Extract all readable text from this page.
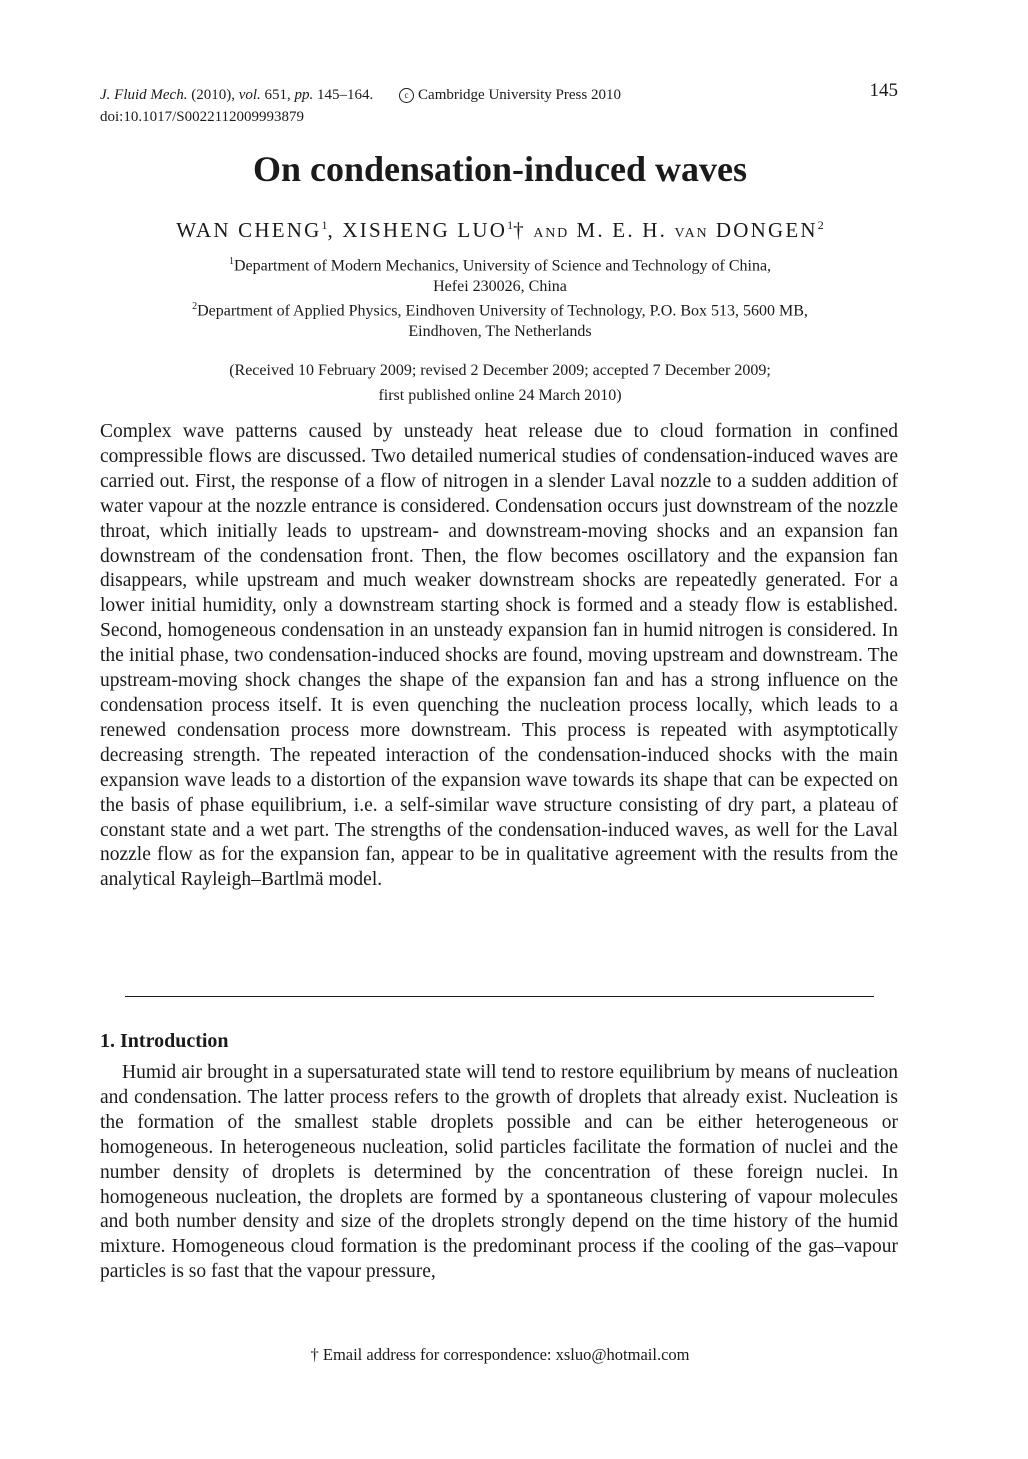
J. Fluid Mech. (2010), vol. 651, pp. 145–164.	c Cambridge University Press 2010
doi:10.1017/S0022112009993879
145
On condensation-induced waves
WAN CHENG$^1$, XISHENG LUO$^1$† AND M. E. H. VAN DONGEN$^2$
$^1$Department of Modern Mechanics, University of Science and Technology of China,
Hefei 230026, China
$^2$Department of Applied Physics, Eindhoven University of Technology, P.O. Box 513, 5600 MB,
Eindhoven, The Netherlands
(Received 10 February 2009; revised 2 December 2009; accepted 7 December 2009;
first published online 24 March 2010)
Complex wave patterns caused by unsteady heat release due to cloud formation in confined compressible flows are discussed. Two detailed numerical studies of condensation-induced waves are carried out. First, the response of a flow of nitrogen in a slender Laval nozzle to a sudden addition of water vapour at the nozzle entrance is considered. Condensation occurs just downstream of the nozzle throat, which initially leads to upstream- and downstream-moving shocks and an expansion fan downstream of the condensation front. Then, the flow becomes oscillatory and the expansion fan disappears, while upstream and much weaker downstream shocks are repeatedly generated. For a lower initial humidity, only a downstream starting shock is formed and a steady flow is established. Second, homogeneous condensation in an unsteady expansion fan in humid nitrogen is considered. In the initial phase, two condensation-induced shocks are found, moving upstream and downstream. The upstream-moving shock changes the shape of the expansion fan and has a strong influence on the condensation process itself. It is even quenching the nucleation process locally, which leads to a renewed condensation process more downstream. This process is repeated with asymptotically decreasing strength. The repeated interaction of the condensation-induced shocks with the main expansion wave leads to a distortion of the expansion wave towards its shape that can be expected on the basis of phase equilibrium, i.e. a self-similar wave structure consisting of dry part, a plateau of constant state and a wet part. The strengths of the condensation-induced waves, as well for the Laval nozzle flow as for the expansion fan, appear to be in qualitative agreement with the results from the analytical Rayleigh–Bartlmä model.
1. Introduction
Humid air brought in a supersaturated state will tend to restore equilibrium by means of nucleation and condensation. The latter process refers to the growth of droplets that already exist. Nucleation is the formation of the smallest stable droplets possible and can be either heterogeneous or homogeneous. In heterogeneous nucleation, solid particles facilitate the formation of nuclei and the number density of droplets is determined by the concentration of these foreign nuclei. In homogeneous nucleation, the droplets are formed by a spontaneous clustering of vapour molecules and both number density and size of the droplets strongly depend on the time history of the humid mixture. Homogeneous cloud formation is the predominant process if the cooling of the gas–vapour particles is so fast that the vapour pressure,
† Email address for correspondence: xsluo@hotmail.com
